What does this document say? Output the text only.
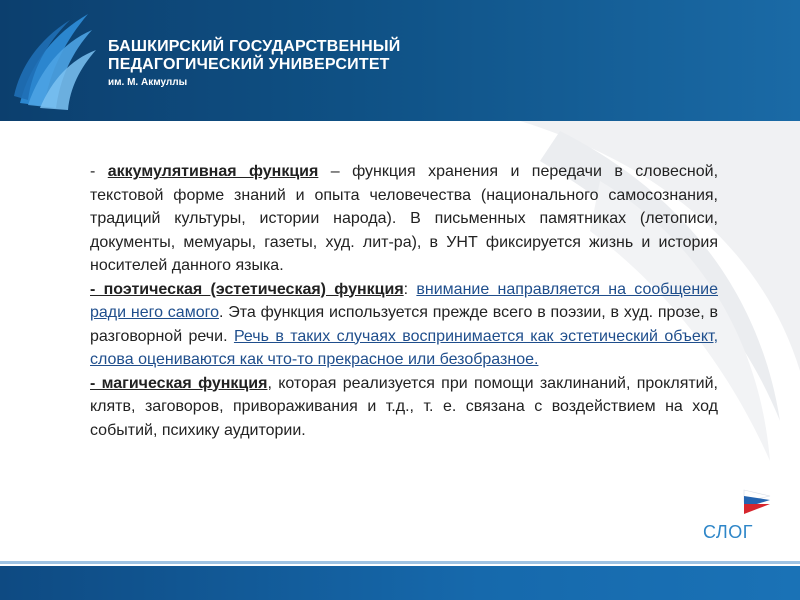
БАШКИРСКИЙ ГОСУДАРСТВЕННЫЙ
ПЕДАГОГИЧЕСКИЙ УНИВЕРСИТЕТ
им. М. Акмуллы

- аккумулятивная функция – функция хранения и передачи в словесной, текстовой форме знаний и опыта человечества (национального самосознания, традиций культуры, истории народа). В письменных памятниках (летописи, документы, мемуары, газеты, худ. лит-ра), в УНТ фиксируется жизнь и история носителей данного языка.

- поэтическая (эстетическая) функция: внимание направляется на сообщение ради него самого. Эта функция используется прежде всего в поэзии, в худ. прозе, в разговорной речи. Речь в таких случаях воспринимается как эстетический объект, слова оцениваются как что-то прекрасное или безобразное.

- магическая функция, которая реализуется при помощи заклинаний, проклятий, клятв, заговоров, привораживания и т.д., т. е. связана с воздействием на ход событий, психику аудитории.

СЛОГ
